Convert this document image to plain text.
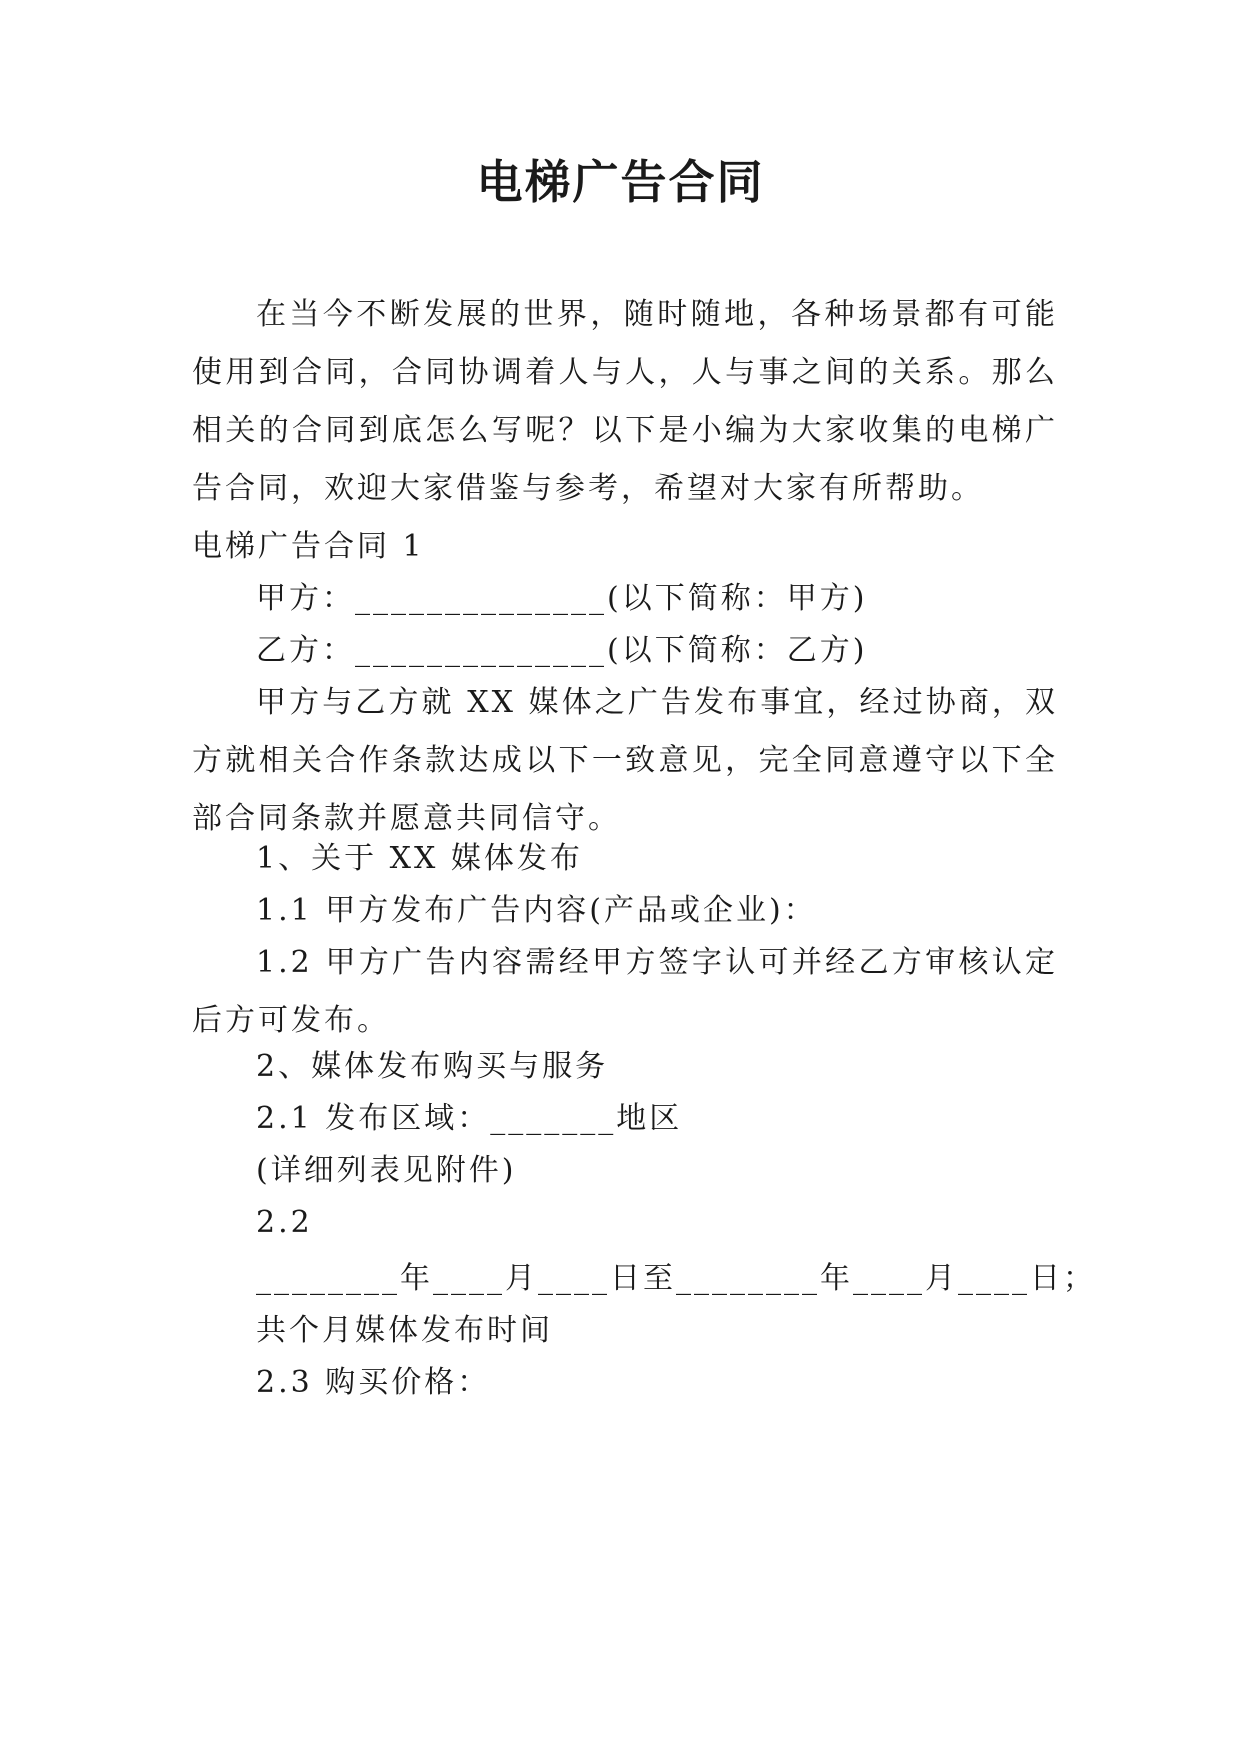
电梯广告合同

在当今不断发展的世界，随时随地，各种场景都有可能使用到合同，合同协调着人与人，人与事之间的关系。那么相关的合同到底怎么写呢？以下是小编为大家收集的电梯广告合同，欢迎大家借鉴与参考，希望对大家有所帮助。

电梯广告合同 1

甲方：______________(以下简称：甲方)

乙方：______________(以下简称：乙方)

甲方与乙方就 XX 媒体之广告发布事宜，经过协商，双方就相关合作条款达成以下一致意见，完全同意遵守以下全部合同条款并愿意共同信守。

1、关于 XX 媒体发布

1.1 甲方发布广告内容(产品或企业)：

1.2 甲方广告内容需经甲方签字认可并经乙方审核认定后方可发布。

2、媒体发布购买与服务

2.1 发布区域：_______地区

(详细列表见附件)

2.2

________年____月____日至________年____月____日；

共个月媒体发布时间

2.3 购买价格：
